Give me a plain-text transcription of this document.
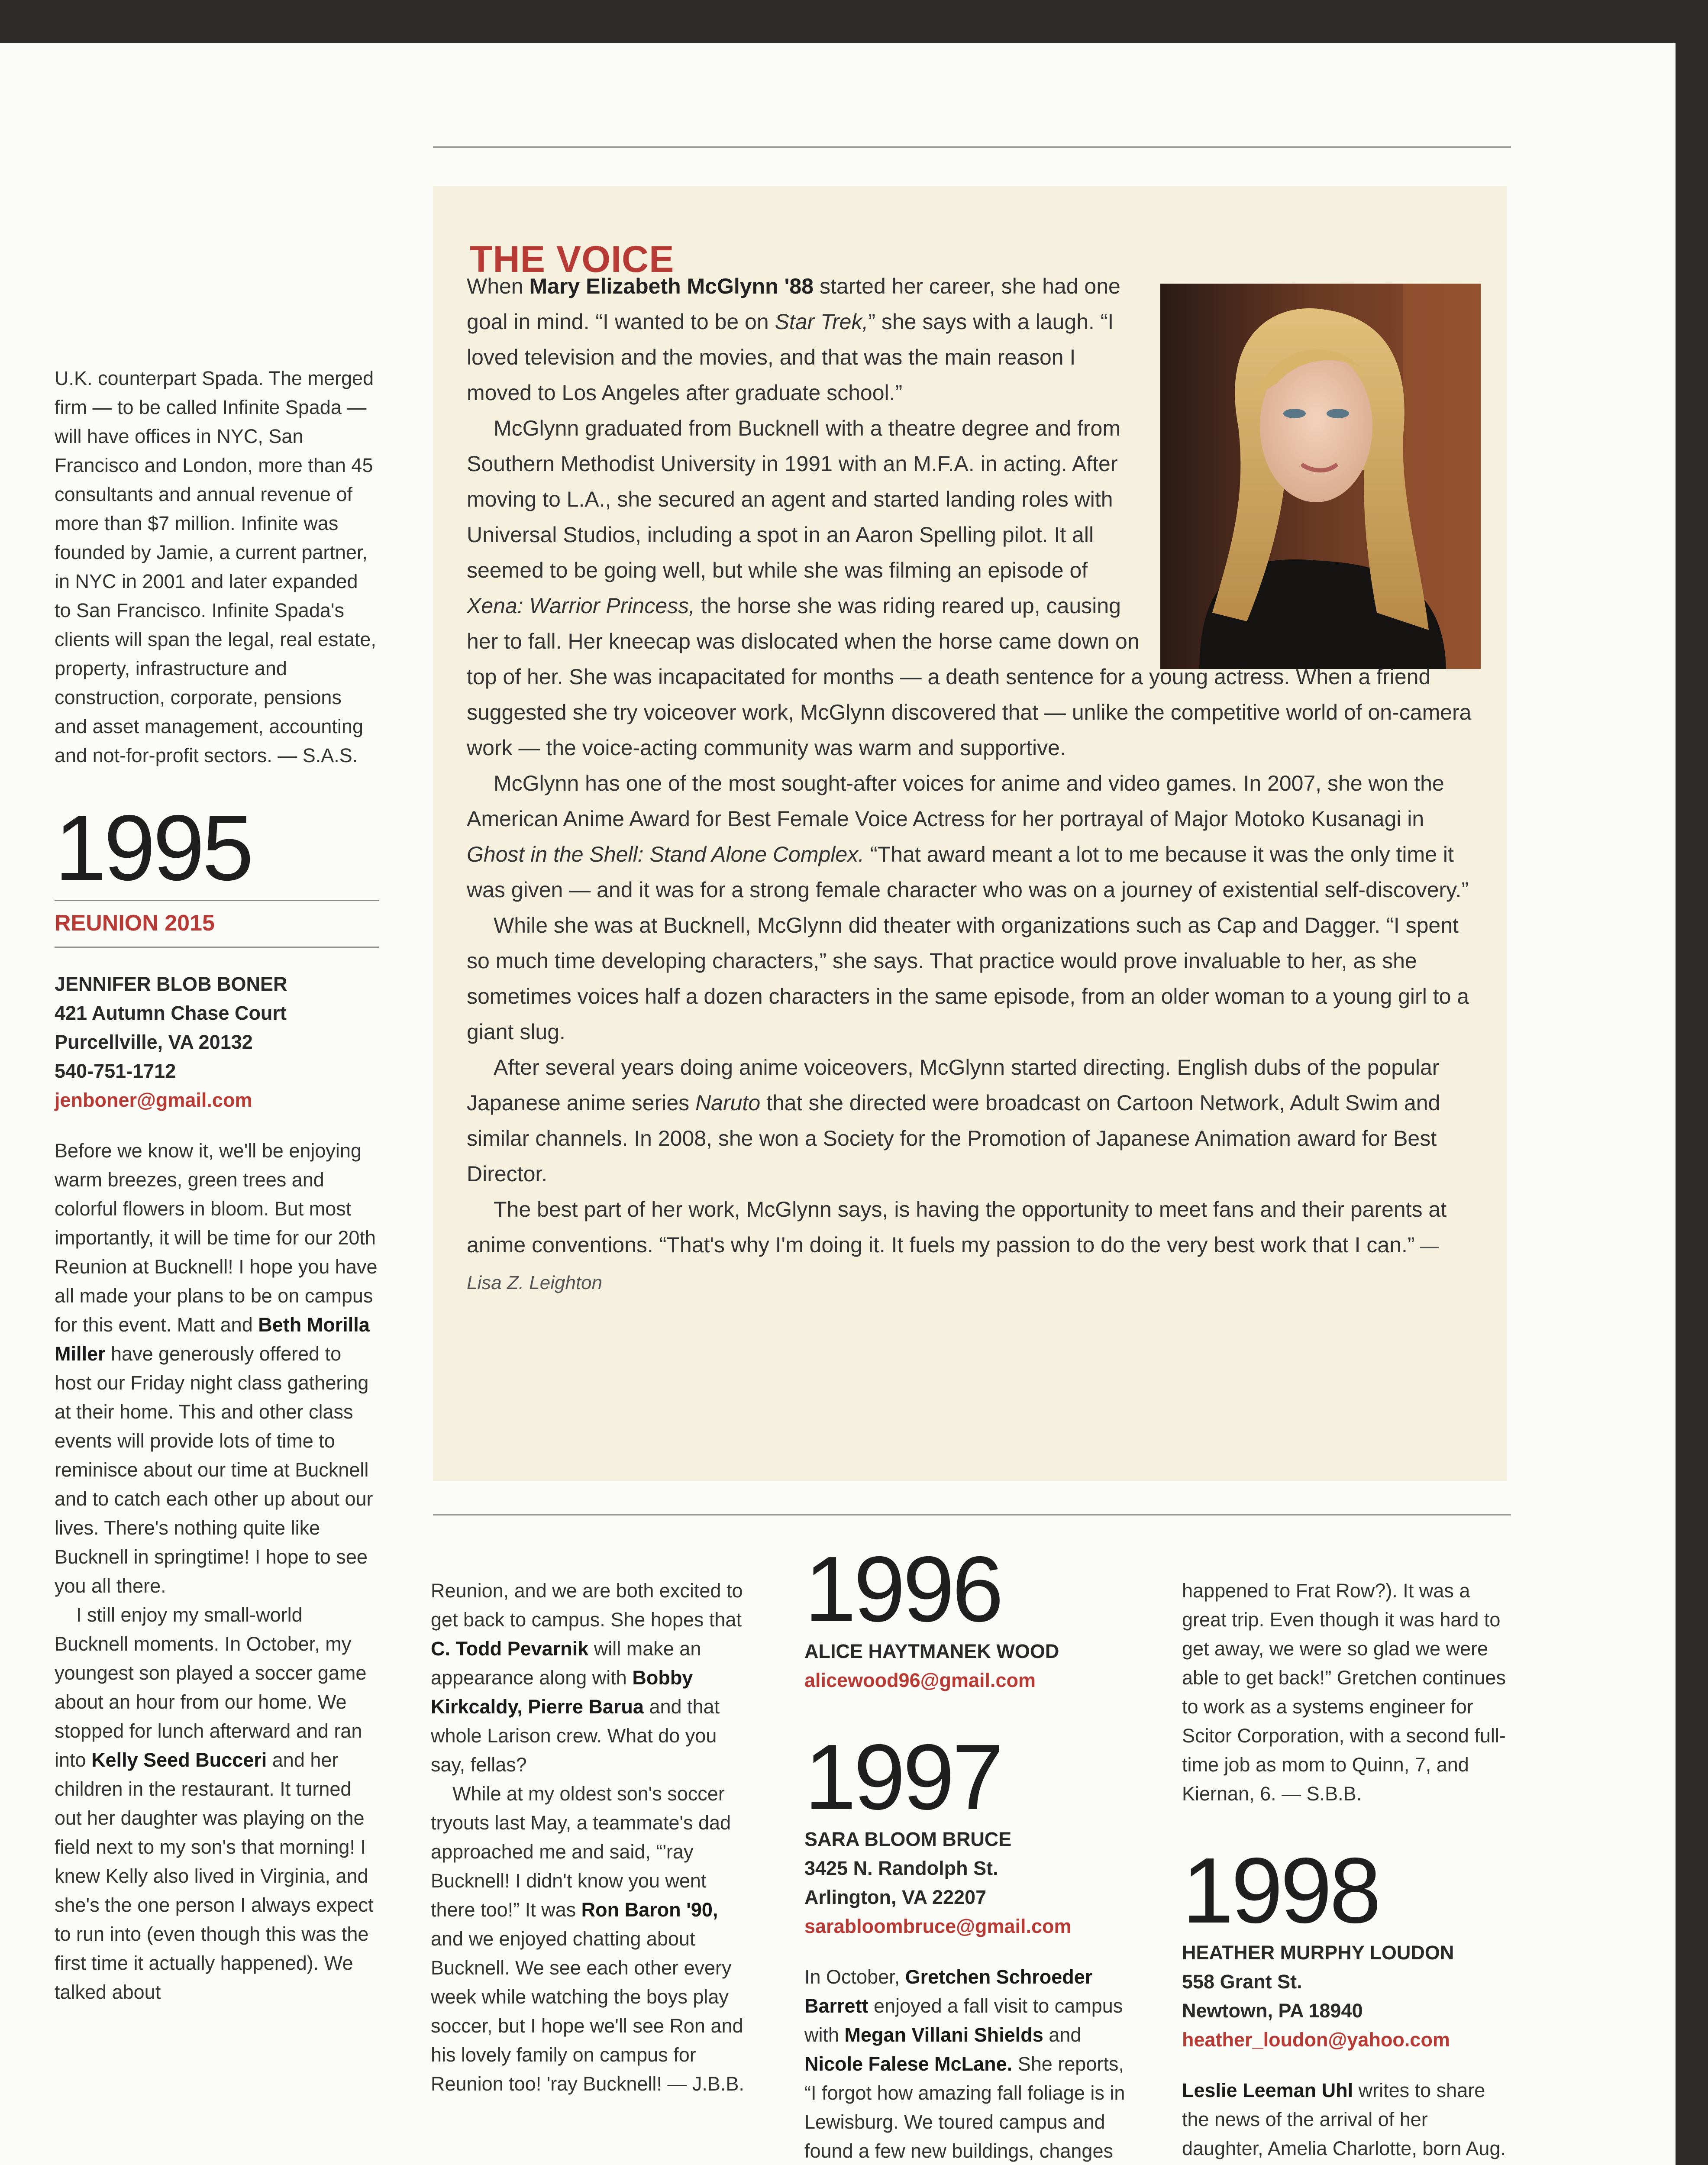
THE VOICE

When Mary Elizabeth McGlynn '88 started her career, she had one goal in mind. “I wanted to be on Star Trek,” she says with a laugh. “I loved television and the movies, and that was the main reason I moved to Los Angeles after graduate school.”

McGlynn graduated from Bucknell with a theatre degree and from Southern Methodist University in 1991 with an M.F.A. in acting. After moving to L.A., she secured an agent and started landing roles with Universal Studios, including a spot in an Aaron Spelling pilot. It all seemed to be going well, but while she was filming an episode of Xena: Warrior Princess, the horse she was riding reared up, causing her to fall. Her kneecap was dislocated when the horse came down on top of her. She was incapacitated for months — a death sentence for a young actress. When a friend suggested she try voiceover work, McGlynn discovered that — unlike the competitive world of on-camera work — the voice-acting community was warm and supportive.

McGlynn has one of the most sought-after voices for anime and video games. In 2007, she won the American Anime Award for Best Female Voice Actress for her portrayal of Major Motoko Kusanagi in Ghost in the Shell: Stand Alone Complex. “That award meant a lot to me because it was the only time it was given — and it was for a strong female character who was on a journey of existential self-discovery.”

While she was at Bucknell, McGlynn did theater with organizations such as Cap and Dagger. “I spent so much time developing characters,” she says. That practice would prove invaluable to her, as she sometimes voices half a dozen characters in the same episode, from an older woman to a young girl to a giant slug.

After several years doing anime voiceovers, McGlynn started directing. English dubs of the popular Japanese anime series Naruto that she directed were broadcast on Cartoon Network, Adult Swim and similar channels. In 2008, she won a Society for the Promotion of Japanese Animation award for Best Director.

The best part of her work, McGlynn says, is having the opportunity to meet fans and their parents at anime conventions. “That's why I'm doing it. It fuels my passion to do the very best work that I can.” — Lisa Z. Leighton

U.K. counterpart Spada. The merged firm — to be called Infinite Spada — will have offices in NYC, San Francisco and London, more than 45 consultants and annual revenue of more than $7 million. Infinite was founded by Jamie, a current partner, in NYC in 2001 and later expanded to San Francisco. Infinite Spada's clients will span the legal, real estate, property, infrastructure and construction, corporate, pensions and asset management, accounting and not-for-profit sectors. — S.A.S.

1995
REUNION 2015
JENNIFER BLOB BONER
421 Autumn Chase Court
Purcellville, VA 20132
540-751-1712
jenboner@gmail.com

Before we know it, we'll be enjoying warm breezes, green trees and colorful flowers in bloom. But most importantly, it will be time for our 20th Reunion at Bucknell! I hope you have all made your plans to be on campus for this event. Matt and Beth Morilla Miller have generously offered to host our Friday night class gathering at their home. This and other class events will provide lots of time to reminisce about our time at Bucknell and to catch each other up about our lives. There's nothing quite like Bucknell in springtime! I hope to see you all there.

I still enjoy my small-world Bucknell moments. In October, my youngest son played a soccer game about an hour from our home. We stopped for lunch afterward and ran into Kelly Seed Bucceri and her children in the restaurant. It turned out her daughter was playing on the field next to my son's that morning! I knew Kelly also lived in Virginia, and she's the one person I always expect to run into (even though this was the first time it actually happened). We talked about

Reunion, and we are both excited to get back to campus. She hopes that C. Todd Pevarnik will make an appearance along with Bobby Kirkcaldy, Pierre Barua and that whole Larison crew. What do you say, fellas?

While at my oldest son's soccer tryouts last May, a teammate's dad approached me and said, “'ray Bucknell! I didn't know you went there too!” It was Ron Baron '90, and we enjoyed chatting about Bucknell. We see each other every week while watching the boys play soccer, but I hope we'll see Ron and his lovely family on campus for Reunion too! 'ray Bucknell! — J.B.B.

1996
ALICE HAYTMANEK WOOD
alicewood96@gmail.com
1997
SARA BLOOM BRUCE
3425 N. Randolph St.
Arlington, VA 22207
sarabloombruce@gmail.com

In October, Gretchen Schroeder Barrett enjoyed a fall visit to campus with Megan Villani Shields and Nicole Falese McLane. She reports, “I forgot how amazing fall foliage is in Lewisburg. We toured campus and found a few new buildings, changes

happened to Frat Row?). It was a great trip. Even though it was hard to get away, we were so glad we were able to get back!” Gretchen continues to work as a systems engineer for Scitor Corporation, with a second full-time job as mom to Quinn, 7, and Kiernan, 6. — S.B.B.

1998
HEATHER MURPHY LOUDON
558 Grant St.
Newtown, PA 18940
heather_loudon@yahoo.com

Leslie Leeman Uhl writes to share the news of the arrival of her daughter, Amelia Charlotte, born Aug.
